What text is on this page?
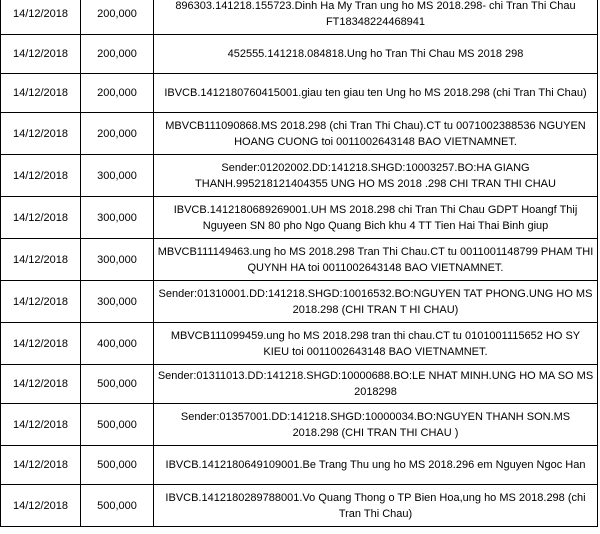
14/12/2018	200,000	896303.141218.155723.Dinh Ha My Tran ung ho MS 2018.298- chi Tran Thi Chau FT18348224468941
14/12/2018	200,000	452555.141218.084818.Ung ho Tran Thi Chau MS 2018 298
14/12/2018	200,000	IBVCB.1412180760415001.giau ten giau ten Ung ho MS 2018.298 (chi Tran Thi Chau)
14/12/2018	200,000	MBVCB111090868.MS 2018.298 (chi Tran Thi Chau).CT tu 0071002388536 NGUYEN HOANG CUONG toi 0011002643148 BAO VIETNAMNET.
14/12/2018	300,000	Sender:01202002.DD:141218.SHGD:10003257.BO:HA GIANG THANH.995218121404355 UNG HO MS 2018 .298 CHI TRAN THI CHAU
14/12/2018	300,000	IBVCB.1412180689269001.UH MS 2018.298 chi Tran Thi Chau GDPT Hoangf Thij Nguyeen SN 80 pho Ngo Quang Bich khu 4 TT Tien Hai Thai Binh giup
14/12/2018	300,000	MBVCB111149463.ung ho MS 2018.298 Tran Thi Chau.CT tu 0011001148799 PHAM THI QUYNH HA toi 0011002643148 BAO VIETNAMNET.
14/12/2018	300,000	Sender:01310001.DD:141218.SHGD:10016532.BO:NGUYEN TAT PHONG.UNG HO MS 2018.298 (CHI TRAN T HI CHAU)
14/12/2018	400,000	MBVCB111099459.ung ho MS 2018.298 tran thi chau.CT tu 0101001115652 HO SY KIEU toi 0011002643148 BAO VIETNAMNET.
14/12/2018	500,000	Sender:01311013.DD:141218.SHGD:10000688.BO:LE NHAT MINH.UNG HO MA SO MS 2018298
14/12/2018	500,000	Sender:01357001.DD:141218.SHGD:10000034.BO:NGUYEN THANH SON.MS 2018.298 (CHI TRAN THI CHAU )
14/12/2018	500,000	IBVCB.1412180649109001.Be Trang Thu ung ho MS 2018.296 em Nguyen Ngoc Han
14/12/2018	500,000	IBVCB.1412180289788001.Vo Quang Thong o TP Bien Hoa,ung ho MS 2018.298 (chi Tran Thi Chau)
